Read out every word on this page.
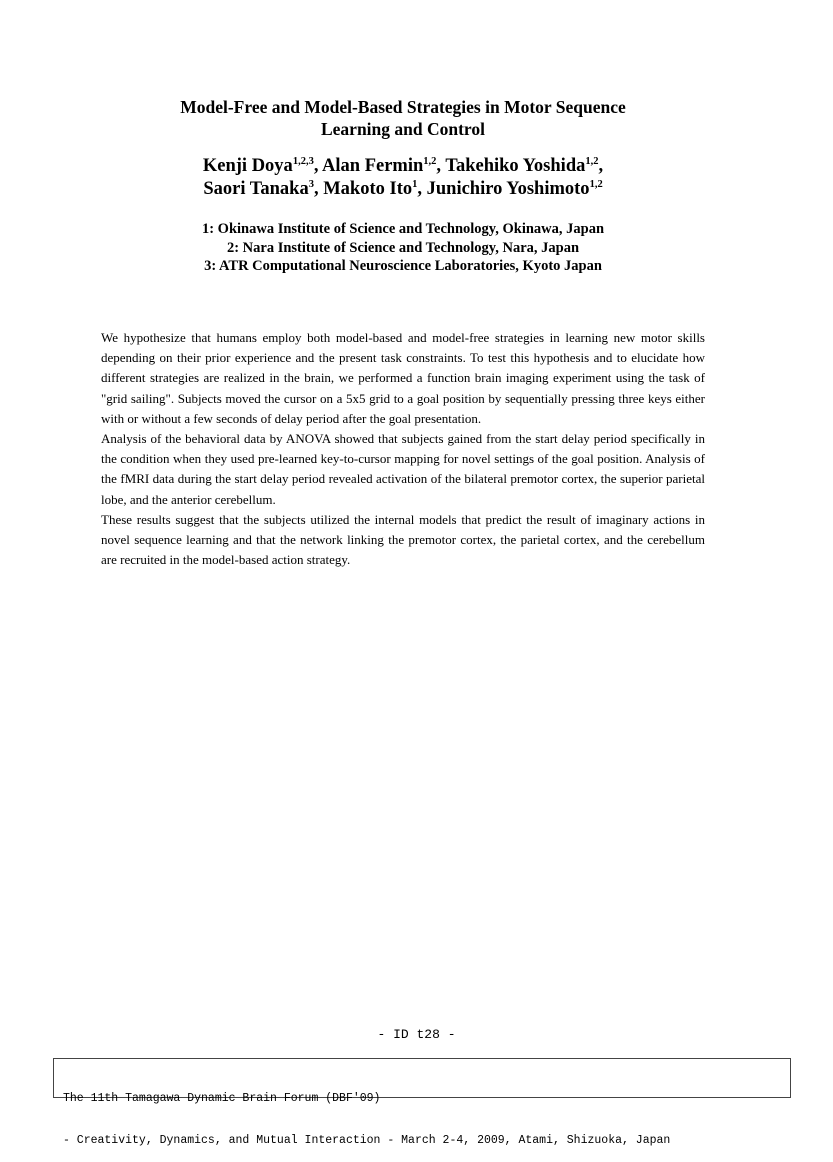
Model-Free and Model-Based Strategies in Motor Sequence
Learning and Control
Kenji Doya$^{1,2,3}$, Alan Fermin$^{1,2}$, Takehiko Yoshida$^{1,2}$,
Saori Tanaka$^3$, Makoto Ito$^1$, Junichiro Yoshimoto$^{1,2}$
1: Okinawa Institute of Science and Technology, Okinawa, Japan
2: Nara Institute of Science and Technology, Nara, Japan
3: ATR Computational Neuroscience Laboratories, Kyoto Japan

We hypothesize that humans employ both model-based and model-free strategies in learning new motor skills depending on their prior experience and the present task constraints. To test this hypothesis and to elucidate how different strategies are realized in the brain, we performed a function brain imaging experiment using the task of "grid sailing". Subjects moved the cursor on a 5x5 grid to a goal position by sequentially pressing three keys either with or without a few seconds of delay period after the goal presentation.

Analysis of the behavioral data by ANOVA showed that subjects gained from the start delay period specifically in the condition when they used pre-learned key-to-cursor mapping for novel settings of the goal position. Analysis of the fMRI data during the start delay period revealed activation of the bilateral premotor cortex, the superior parietal lobe, and the anterior cerebellum.

These results suggest that the subjects utilized the internal models that predict the result of imaginary actions in novel sequence learning and that the network linking the premotor cortex, the parietal cortex, and the cerebellum are recruited in the model-based action strategy.

- ID t28 -

The 11th Tamagawa Dynamic Brain Forum (DBF'09)

- Creativity, Dynamics, and Mutual Interaction - March 2-4, 2009, Atami, Shizuoka, Japan
